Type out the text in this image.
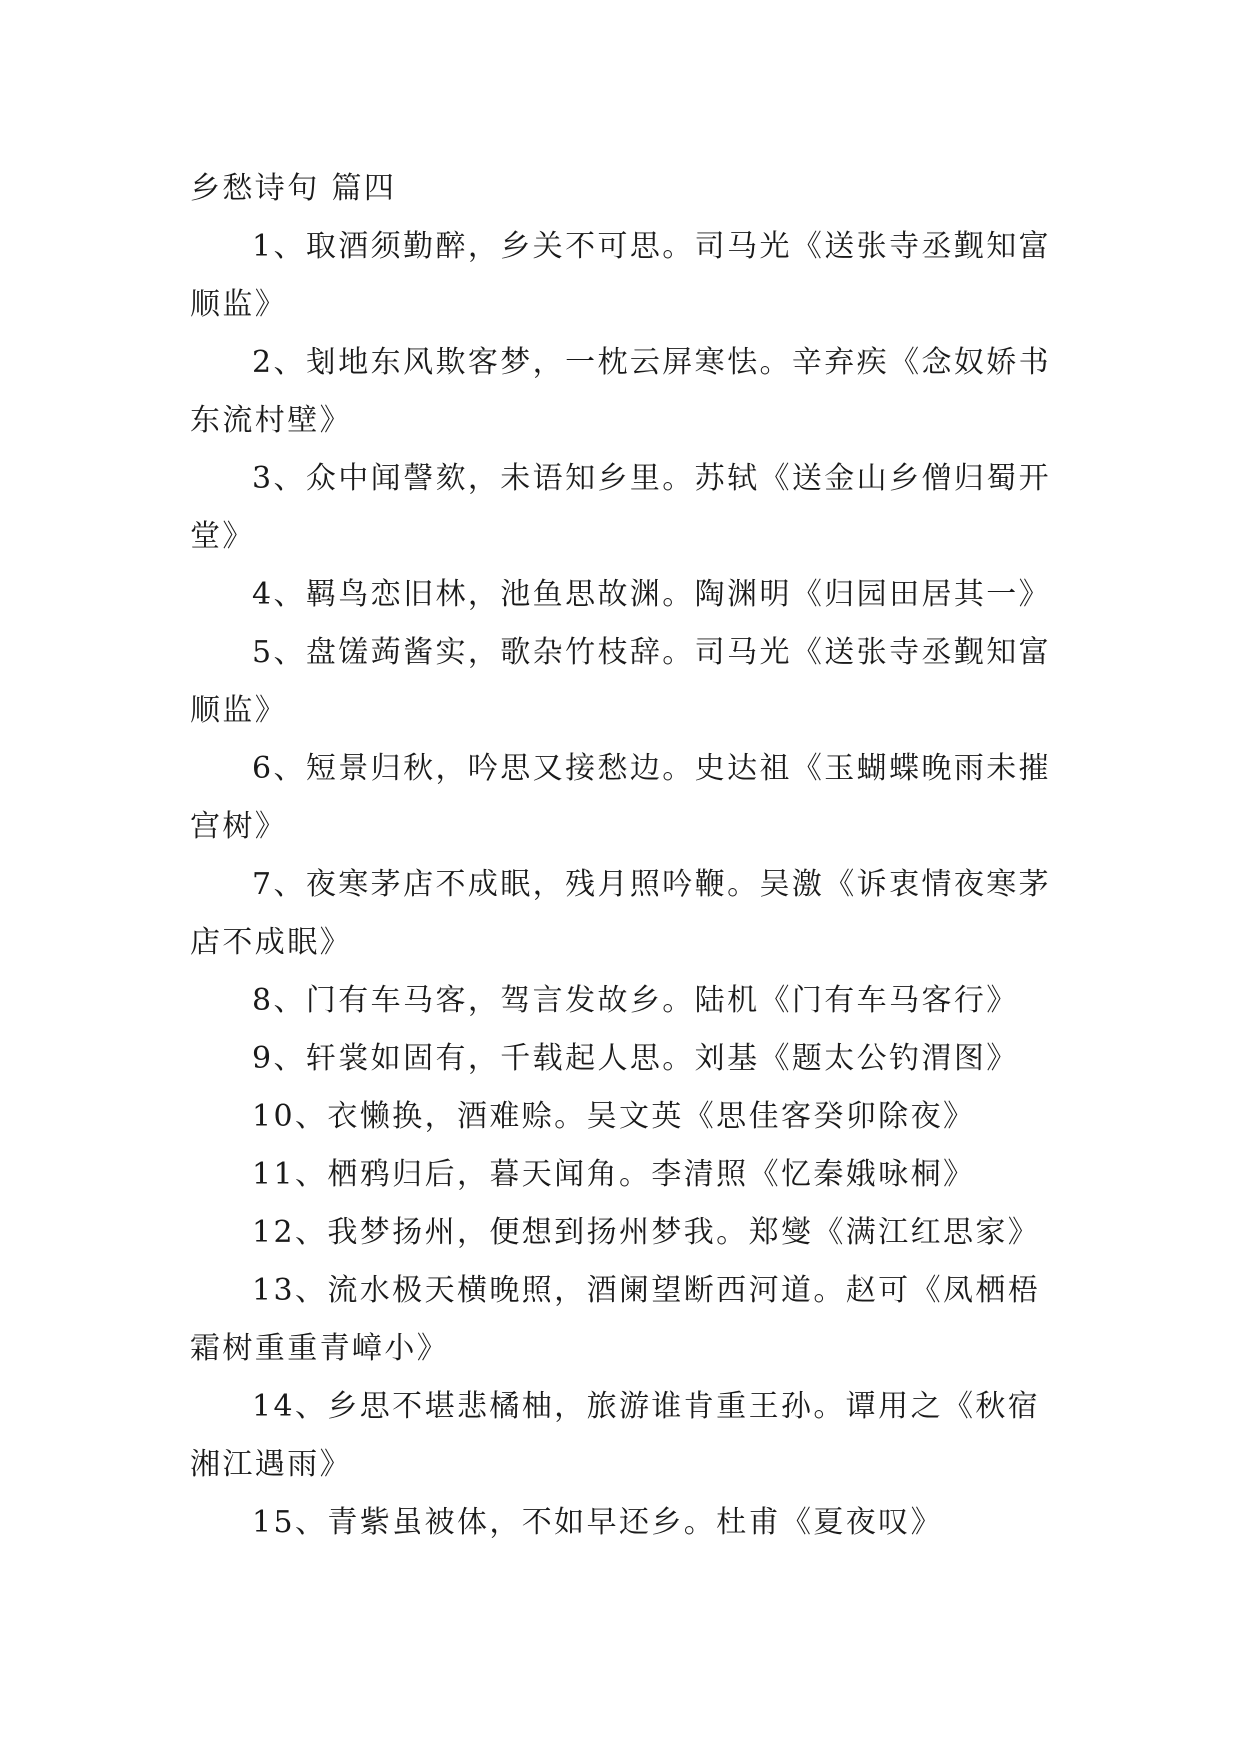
乡愁诗句 篇四

1、取酒须勤醉，乡关不可思。司马光《送张寺丞觐知富顺监》

2、刬地东风欺客梦，一枕云屏寒怯。辛弃疾《念奴娇书东流村壁》

3、众中闻謦欬，未语知乡里。苏轼《送金山乡僧归蜀开堂》

4、羁鸟恋旧林，池鱼思故渊。陶渊明《归园田居其一》

5、盘馐蒟酱实，歌杂竹枝辞。司马光《送张寺丞觐知富顺监》

6、短景归秋，吟思又接愁边。史达祖《玉蝴蝶晚雨未摧宫树》

7、夜寒茅店不成眠，残月照吟鞭。吴激《诉衷情夜寒茅店不成眠》

8、门有车马客，驾言发故乡。陆机《门有车马客行》

9、轩裳如固有，千载起人思。刘基《题太公钓渭图》

10、衣懒换，酒难赊。吴文英《思佳客癸卯除夜》

11、栖鸦归后，暮天闻角。李清照《忆秦娥咏桐》

12、我梦扬州，便想到扬州梦我。郑燮《满江红思家》

13、流水极天横晚照，酒阑望断西河道。赵可《凤栖梧霜树重重青嶂小》

14、乡思不堪悲橘柚，旅游谁肯重王孙。谭用之《秋宿湘江遇雨》

15、青紫虽被体，不如早还乡。杜甫《夏夜叹》
